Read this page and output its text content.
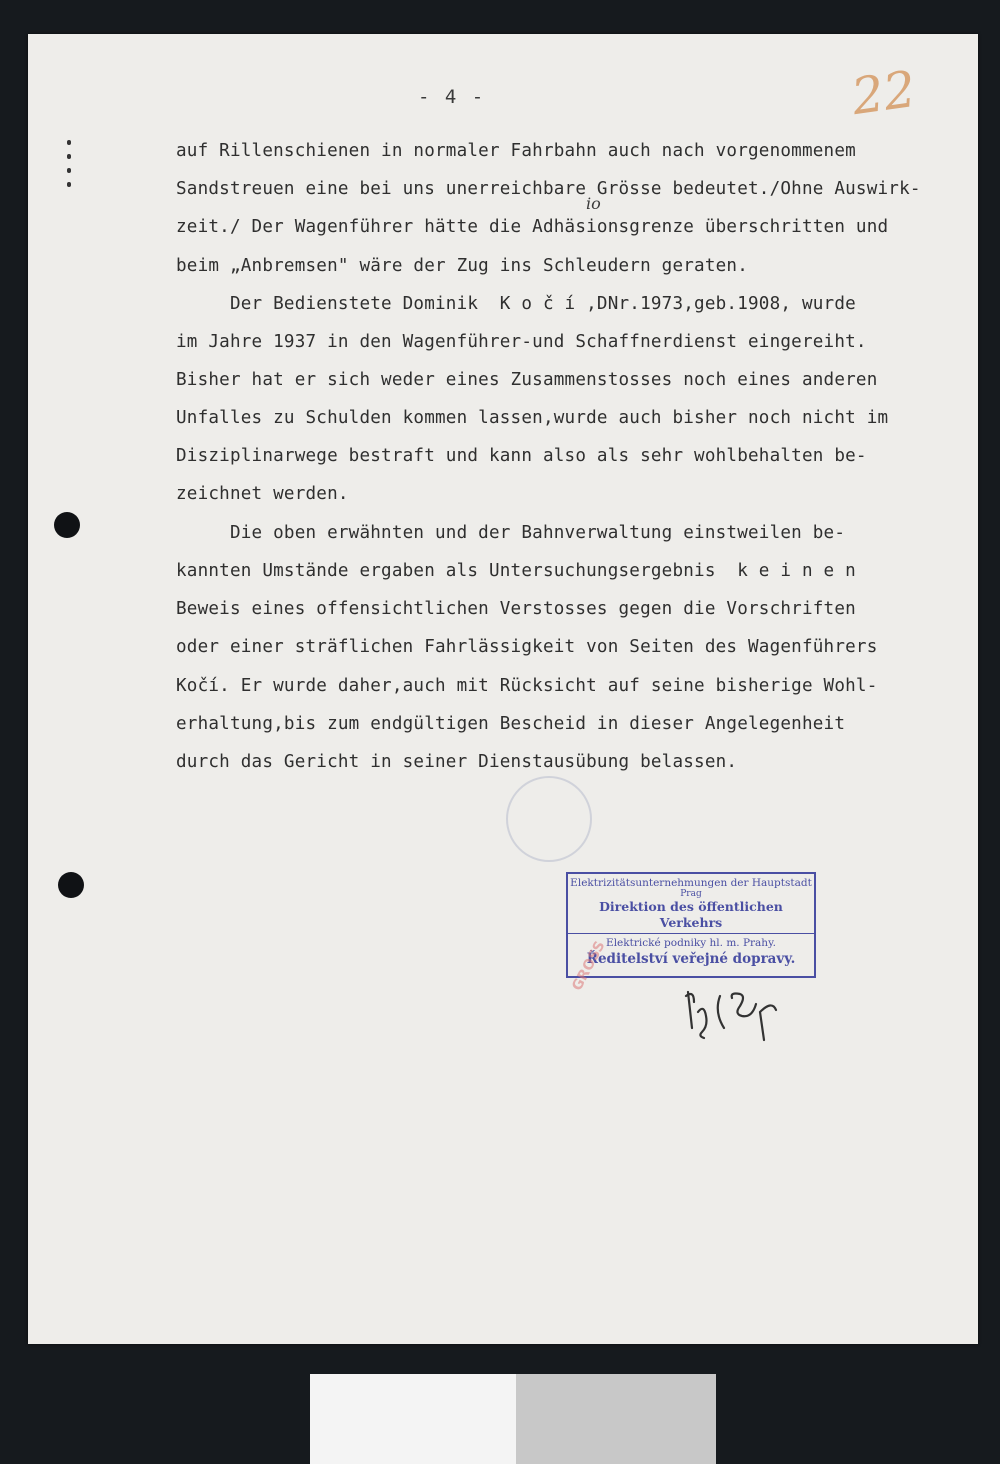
- 4 -	22
auf Rillenschienen in normaler Fahrbahn auch nach vorgenommenem
Sandstreuen eine bei uns unerreichbare Grösse bedeutet./Ohne Auswirk-
zeit./ Der Wagenführer hätte die Adhäsionsgrenze überschritten und
io
beim „Anbremsen" wäre der Zug ins Schleudern geraten.
Der Bedienstete Dominik  K o č í ,DNr.1973,geb.1908, wurde
im Jahre 1937 in den Wagenführer-und Schaffnerdienst eingereiht.
Bisher hat er sich weder eines Zusammenstosses noch eines anderen
Unfalles zu Schulden kommen lassen,wurde auch bisher noch nicht im
Disziplinarwege bestraft und kann also als sehr wohlbehalten be-
zeichnet werden.
Die oben erwähnten und der Bahnverwaltung einstweilen be-
kannten Umstände ergaben als Untersuchungsergebnis  k e i n e n
Beweis eines offensichtlichen Verstosses gegen die Vorschriften
oder einer sträflichen Fahrlässigkeit von Seiten des Wagenführers
Kočí. Er wurde daher,auch mit Rücksicht auf seine bisherige Wohl-
erhaltung,bis zum endgültigen Bescheid in dieser Angelegenheit
durch das Gericht in seiner Dienstausübung belassen.
Elektrizitätsunternehmungen der Hauptstadt
Prag
Direktion des öffentlichen Verkehrs
Elektrické podniky hl. m. Prahy.
Ředitelství veřejné dopravy.
GROSS
